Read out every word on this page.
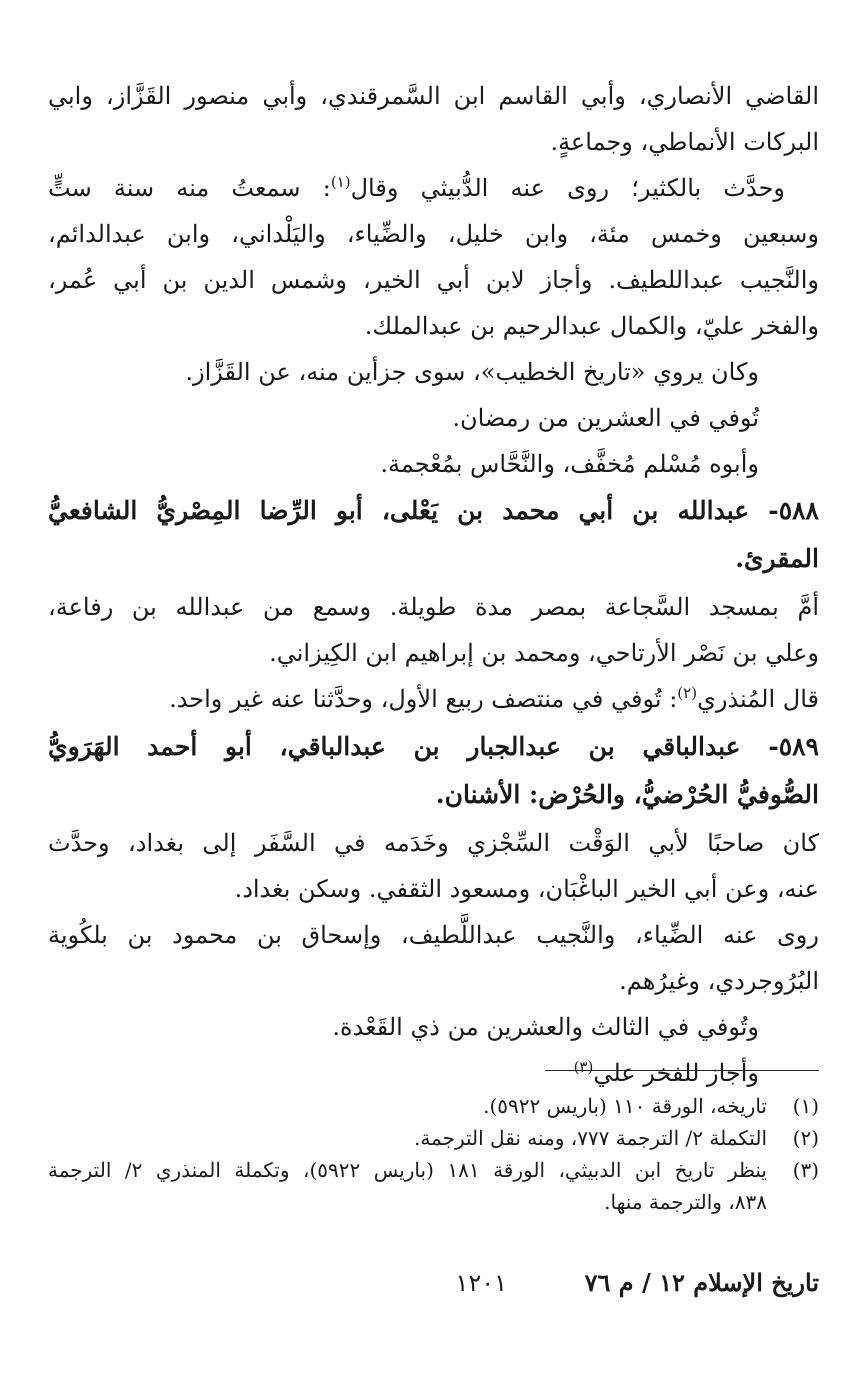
القاضي الأنصاري، وأبي القاسم ابن السَّمرقندي، وأبي منصور القَزَّاز، وابي
البركات الأنماطي، وجماعةٍ.
وحدَّث بالكثير؛ روى عنه الدُّبيثي وقال$^{(١)}$: سمعتُ منه سنة ستٍّ
وسبعين وخمس مئة، وابن خليل، والضِّياء، واليَلْداني، وابن عبدالدائم،
والنَّجيب عبداللطيف. وأجاز لابن أبي الخير، وشمس الدين بن أبي عُمر،
والفخر عليّ، والكمال عبدالرحيم بن عبدالملك.
وكان يروي «تاريخ الخطيب»، سوى جزأين منه، عن القَزَّاز.
تُوفي في العشرين من رمضان.
وأبوه مُسْلم مُخفَّف، والنَّحَّاس بمُعْجمة.
٥٨٨- عبدالله بن أبي محمد بن يَعْلى، أبو الرِّضا المِصْريُّ الشافعيُّ
المقرئ.
أمَّ بمسجد السَّجاعة بمصر مدة طويلة. وسمع من عبدالله بن رفاعة،
وعلي بن نَصْر الأرتاحي، ومحمد بن إبراهيم ابن الكِيزاني.
قال المُنذري$^{(٢)}$: تُوفي في منتصف ربيع الأول، وحدَّثنا عنه غير واحد.
٥٨٩- عبدالباقي بن عبدالجبار بن عبدالباقي، أبو أحمد الهَرَويُّ
الصُّوفيُّ الحُرْضيُّ، والحُرْض: الأشنان.
كان صاحبًا لأبي الوَقْت السِّجْزي وخَدَمه في السَّفَر إلى بغداد، وحدَّث
عنه، وعن أبي الخير الباغْبَان، ومسعود الثقفي. وسكن بغداد.
روى عنه الضِّياء، والنَّجيب عبداللَّطيف، وإسحاق بن محمود بن بلكُوية
البُرُوجردي، وغيرُهم.
وتُوفي في الثالث والعشرين من ذي القَعْدة.
وأجاز للفخر علي$^{(٣)}$
(١)
تاريخه، الورقة ١١٠ (باريس ٥٩٢٢).
(٢)
التكملة ٢/ الترجمة ٧٧٧، ومنه نقل الترجمة.
(٣)
ينظر تاريخ ابن الدبيثي، الورقة ١٨١ (باريس ٥٩٢٢)، وتكملة المنذري ٢/ الترجمة
٨٣٨، والترجمة منها.
تاريخ الإسلام ١٢ / م ٧٦
١٢٠١
